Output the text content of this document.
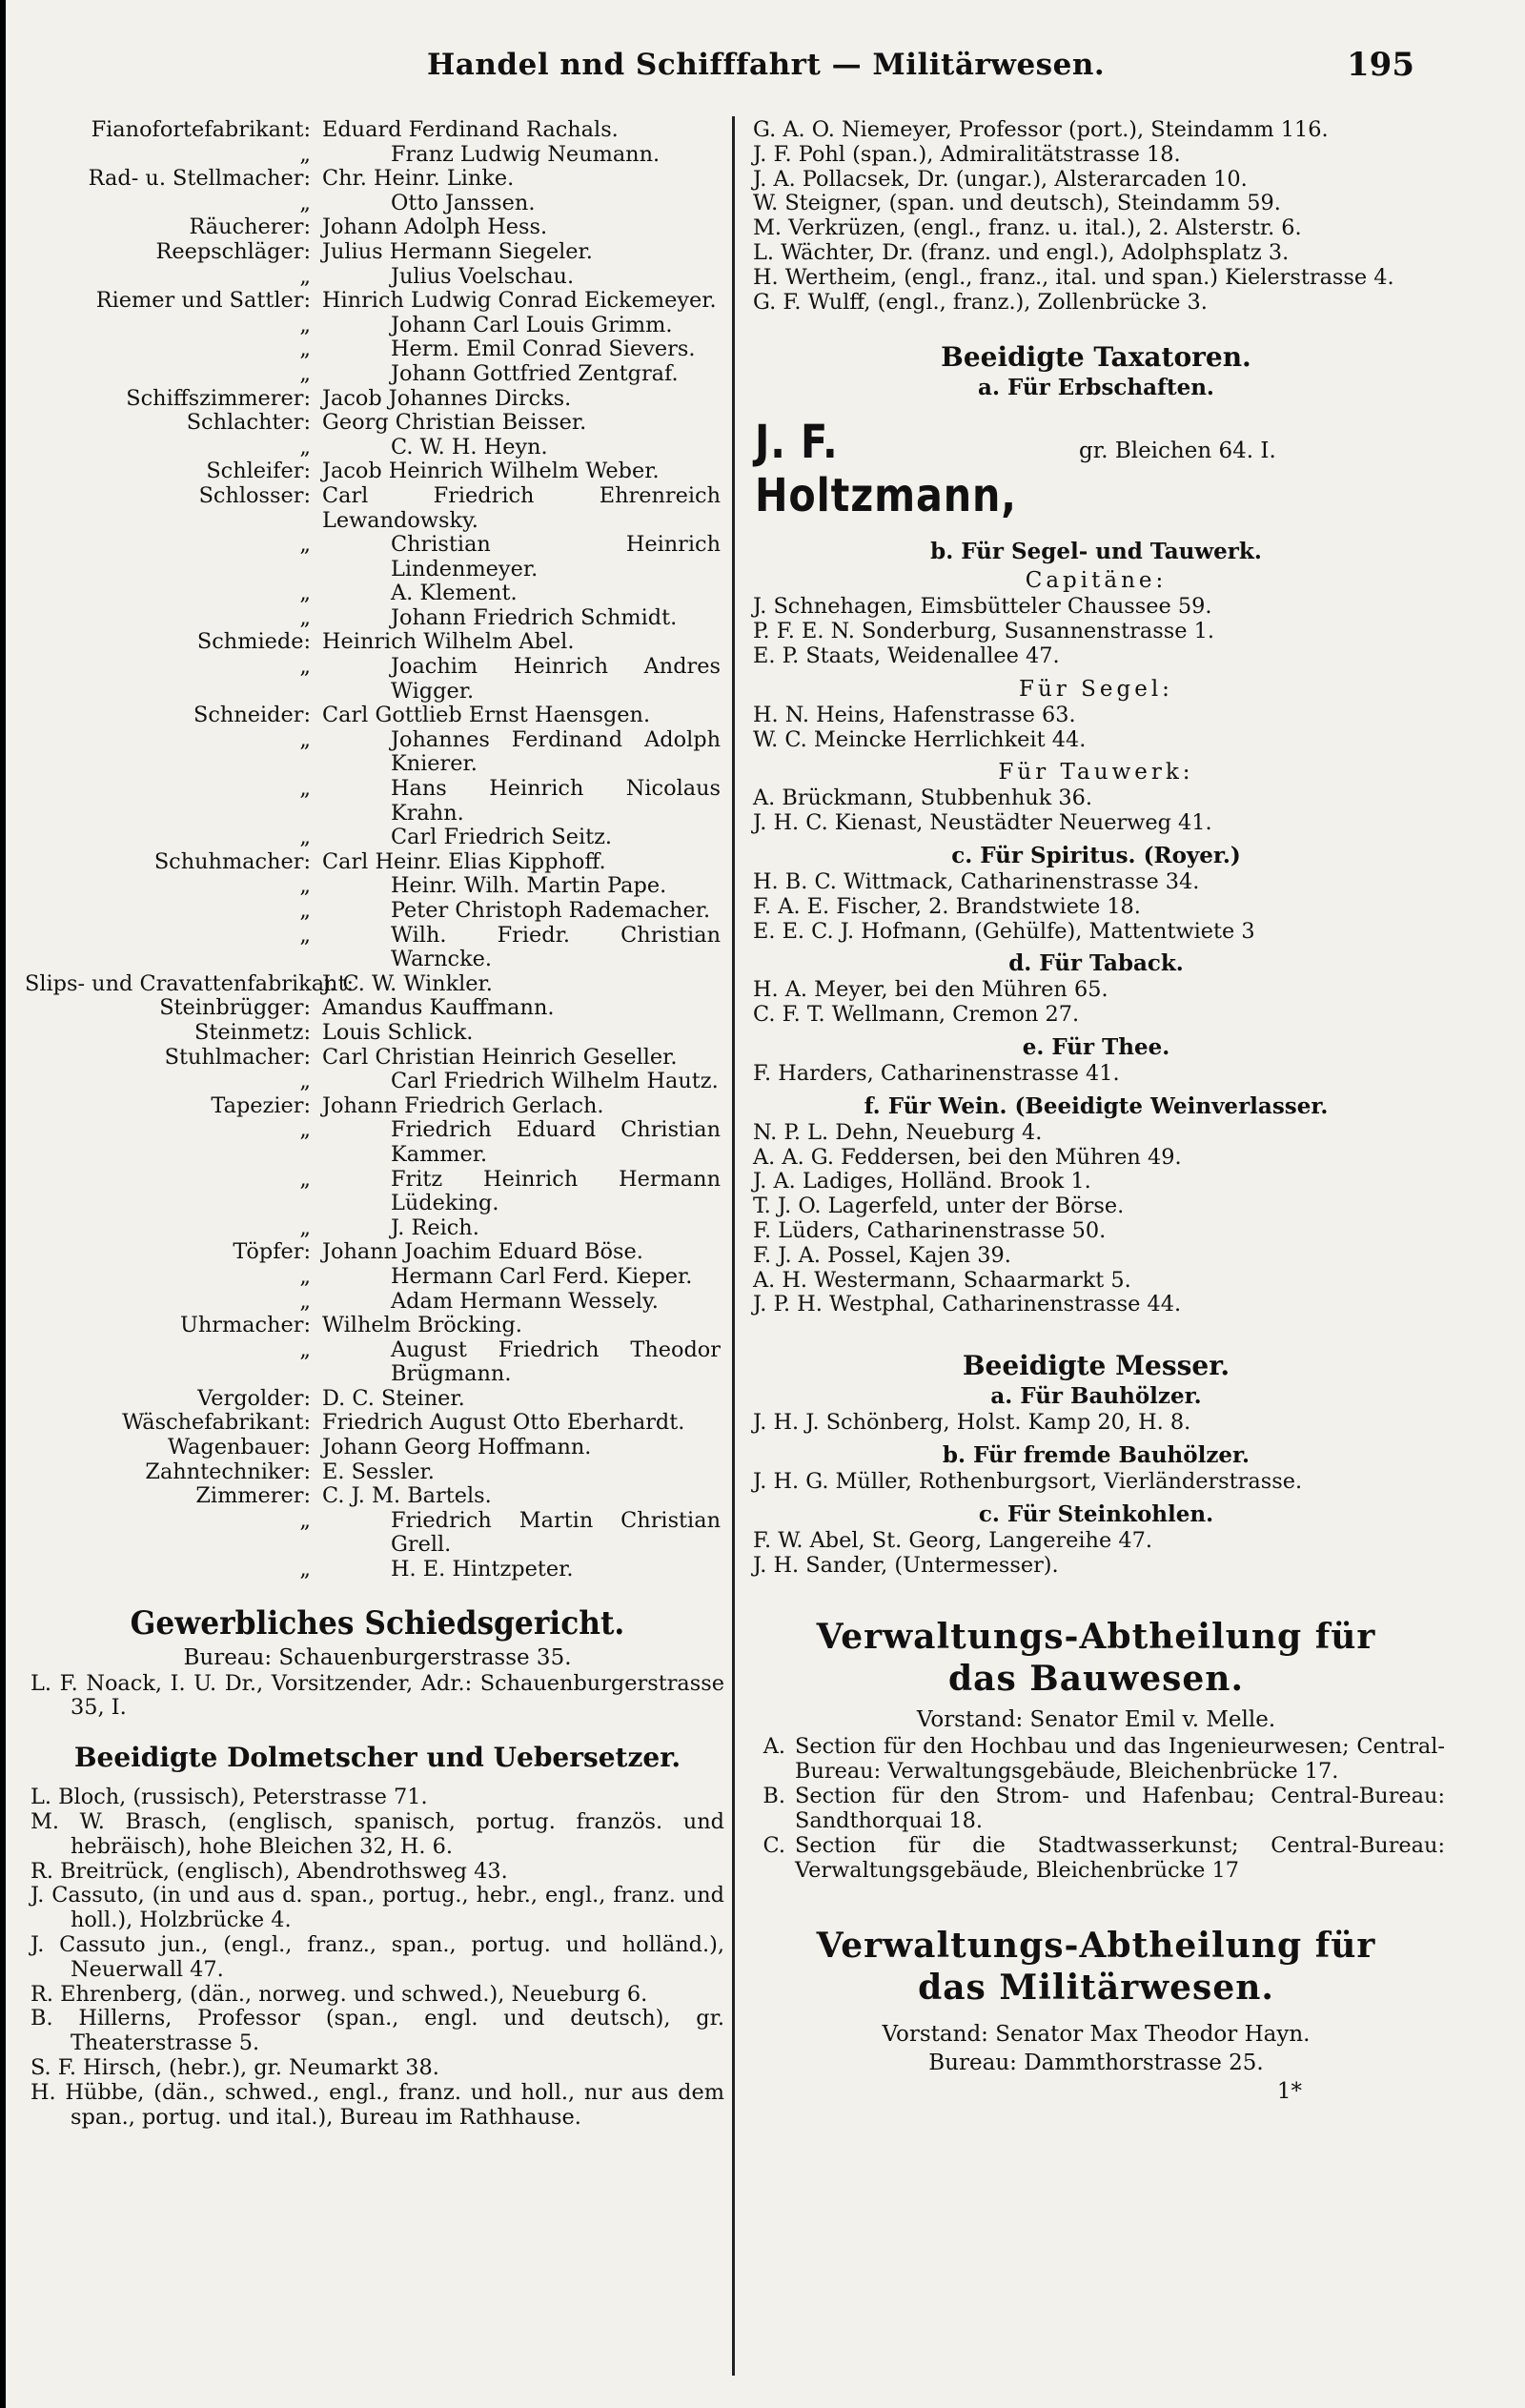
Handel nnd Schifffahrt — Militärwesen.	195
Fianofortefabrikant: Eduard Ferdinand Rachals.
„	Franz Ludwig Neumann.
Rad- u. Stellmacher: Chr. Heinr. Linke.
„	Otto Janssen.
Räucherer: Johann Adolph Hess.
Reepschläger: Julius Hermann Siegeler.
„	Julius Voelschau.
Riemer und Sattler: Hinrich Ludwig Conrad Eickemeyer.
„	Johann Carl Louis Grimm.
„	Herm. Emil Conrad Sievers.
„	Johann Gottfried Zentgraf.
Schiffszimmerer: Jacob Johannes Dircks.
Schlachter: Georg Christian Beisser.
„	C. W. H. Heyn.
Schleifer: Jacob Heinrich Wilhelm Weber.
Schlosser: Carl Friedrich Ehrenreich Lewandowsky.
„	Christian Heinrich Lindenmeyer.
„	A. Klement.
„	Johann Friedrich Schmidt.
Schmiede: Heinrich Wilhelm Abel.
„	Joachim Heinrich Andres Wigger.
Schneider: Carl Gottlieb Ernst Haensgen.
„	Johannes Ferdinand Adolph Knierer.
„	Hans Heinrich Nicolaus Krahn.
„	Carl Friedrich Seitz.
Schuhmacher: Carl Heinr. Elias Kipphoff.
„	Heinr. Wilh. Martin Pape.
„	Peter Christoph Rademacher.
„	Wilh. Friedr. Christian Warncke.
Slips- und Cravattenfabrikant:
J. C. W. Winkler.
Steinbrügger: Amandus Kauffmann.
Steinmetz: Louis Schlick.
Stuhlmacher: Carl Christian Heinrich Geseller.
„	Carl Friedrich Wilhelm Hautz.
Tapezier: Johann Friedrich Gerlach.
„	Friedrich Eduard Christian Kammer.
„	Fritz Heinrich Hermann Lüdeking.
„	J. Reich.
Töpfer: Johann Joachim Eduard Böse.
„	Hermann Carl Ferd. Kieper.
„	Adam Hermann Wessely.
Uhrmacher: Wilhelm Bröcking.
„	August Friedrich Theodor Brügmann.
Vergolder: D. C. Steiner.
Wäschefabrikant: Friedrich August Otto Eberhardt.
Wagenbauer: Johann Georg Hoffmann.
Zahntechniker: E. Sessler.
Zimmerer: C. J. M. Bartels.
„	Friedrich Martin Christian Grell.
„	H. E. Hintzpeter.
Gewerbliches Schiedsgericht.
Bureau: Schauenburgerstrasse 35.
L. F. Noack, I. U. Dr., Vorsitzender, Adr.: Schauenburgerstrasse 35, I.
Beeidigte Dolmetscher und Uebersetzer.
L. Bloch, (russisch), Peterstrasse 71.
M. W. Brasch, (englisch, spanisch, portug. französ. und hebräisch), hohe Bleichen 32, H. 6.
R. Breitrück, (englisch), Abendrothsweg 43.
J. Cassuto, (in und aus d. span., portug., hebr., engl., franz. und holl.), Holzbrücke 4.
J. Cassuto jun., (engl., franz., span., portug. und holländ.), Neuerwall 47.
R. Ehrenberg, (dän., norweg. und schwed.), Neueburg 6.
B. Hillerns, Professor (span., engl. und deutsch), gr. Theaterstrasse 5.
S. F. Hirsch, (hebr.), gr. Neumarkt 38.
H. Hübbe, (dän., schwed., engl., franz. und holl., nur aus dem span., portug. und ital.), Bureau im Rathhause.
G. A. O. Niemeyer, Professor (port.), Steindamm 116.
J. F. Pohl (span.), Admiralitätstrasse 18.
J. A. Pollacsek, Dr. (ungar.), Alsterarcaden 10.
W. Steigner, (span. und deutsch), Steindamm 59.
M. Verkrüzen, (engl., franz. u. ital.), 2. Alsterstr. 6.
L. Wächter, Dr. (franz. und engl.), Adolphsplatz 3.
H. Wertheim, (engl., franz., ital. und span.) Kielerstrasse 4.
G. F. Wulff, (engl., franz.), Zollenbrücke 3.
Beeidigte Taxatoren.
a. Für Erbschaften.
J. F. Holtzmann,
gr. Bleichen 64. I.
b. Für Segel- und Tauwerk.
Capitäne:
J. Schnehagen, Eimsbütteler Chaussee 59.
P. F. E. N. Sonderburg, Susannenstrasse 1.
E. P. Staats, Weidenallee 47.
Für Segel:
H. N. Heins, Hafenstrasse 63.
W. C. Meincke Herrlichkeit 44.
Für Tauwerk:
A. Brückmann, Stubbenhuk 36.
J. H. C. Kienast, Neustädter Neuerweg 41.
c. Für Spiritus. (Royer.)
H. B. C. Wittmack, Catharinenstrasse 34.
F. A. E. Fischer, 2. Brandstwiete 18.
E. E. C. J. Hofmann, (Gehülfe), Mattentwiete 3
d. Für Taback.
H. A. Meyer, bei den Mühren 65.
C. F. T. Wellmann, Cremon 27.
e. Für Thee.
F. Harders, Catharinenstrasse 41.
f. Für Wein. (Beeidigte Weinverlasser.
N. P. L. Dehn, Neueburg 4.
A. A. G. Feddersen, bei den Mühren 49.
J. A. Ladiges, Holländ. Brook 1.
T. J. O. Lagerfeld, unter der Börse.
F. Lüders, Catharinenstrasse 50.
F. J. A. Possel, Kajen 39.
A. H. Westermann, Schaarmarkt 5.
J. P. H. Westphal, Catharinenstrasse 44.
Beeidigte Messer.
a. Für Bauhölzer.
J. H. J. Schönberg, Holst. Kamp 20, H. 8.
b. Für fremde Bauhölzer.
J. H. G. Müller, Rothenburgsort, Vierländerstrasse.
c. Für Steinkohlen.
F. W. Abel, St. Georg, Langereihe 47.
J. H. Sander, (Untermesser).
Verwaltungs-Abtheilung für
das Bauwesen.
Vorstand: Senator Emil v. Melle.
A. Section für den Hochbau und das Ingenieurwesen; Central-Bureau: Verwaltungsgebäude, Bleichenbrücke 17.
B. Section für den Strom- und Hafenbau; Central-Bureau: Sandthorquai 18.
C. Section für die Stadtwasserkunst; Central-Bureau: Verwaltungsgebäude, Bleichenbrücke 17
Verwaltungs-Abtheilung für
das Militärwesen.
Vorstand: Senator Max Theodor Hayn.
Bureau: Dammthorstrasse 25.
1*
